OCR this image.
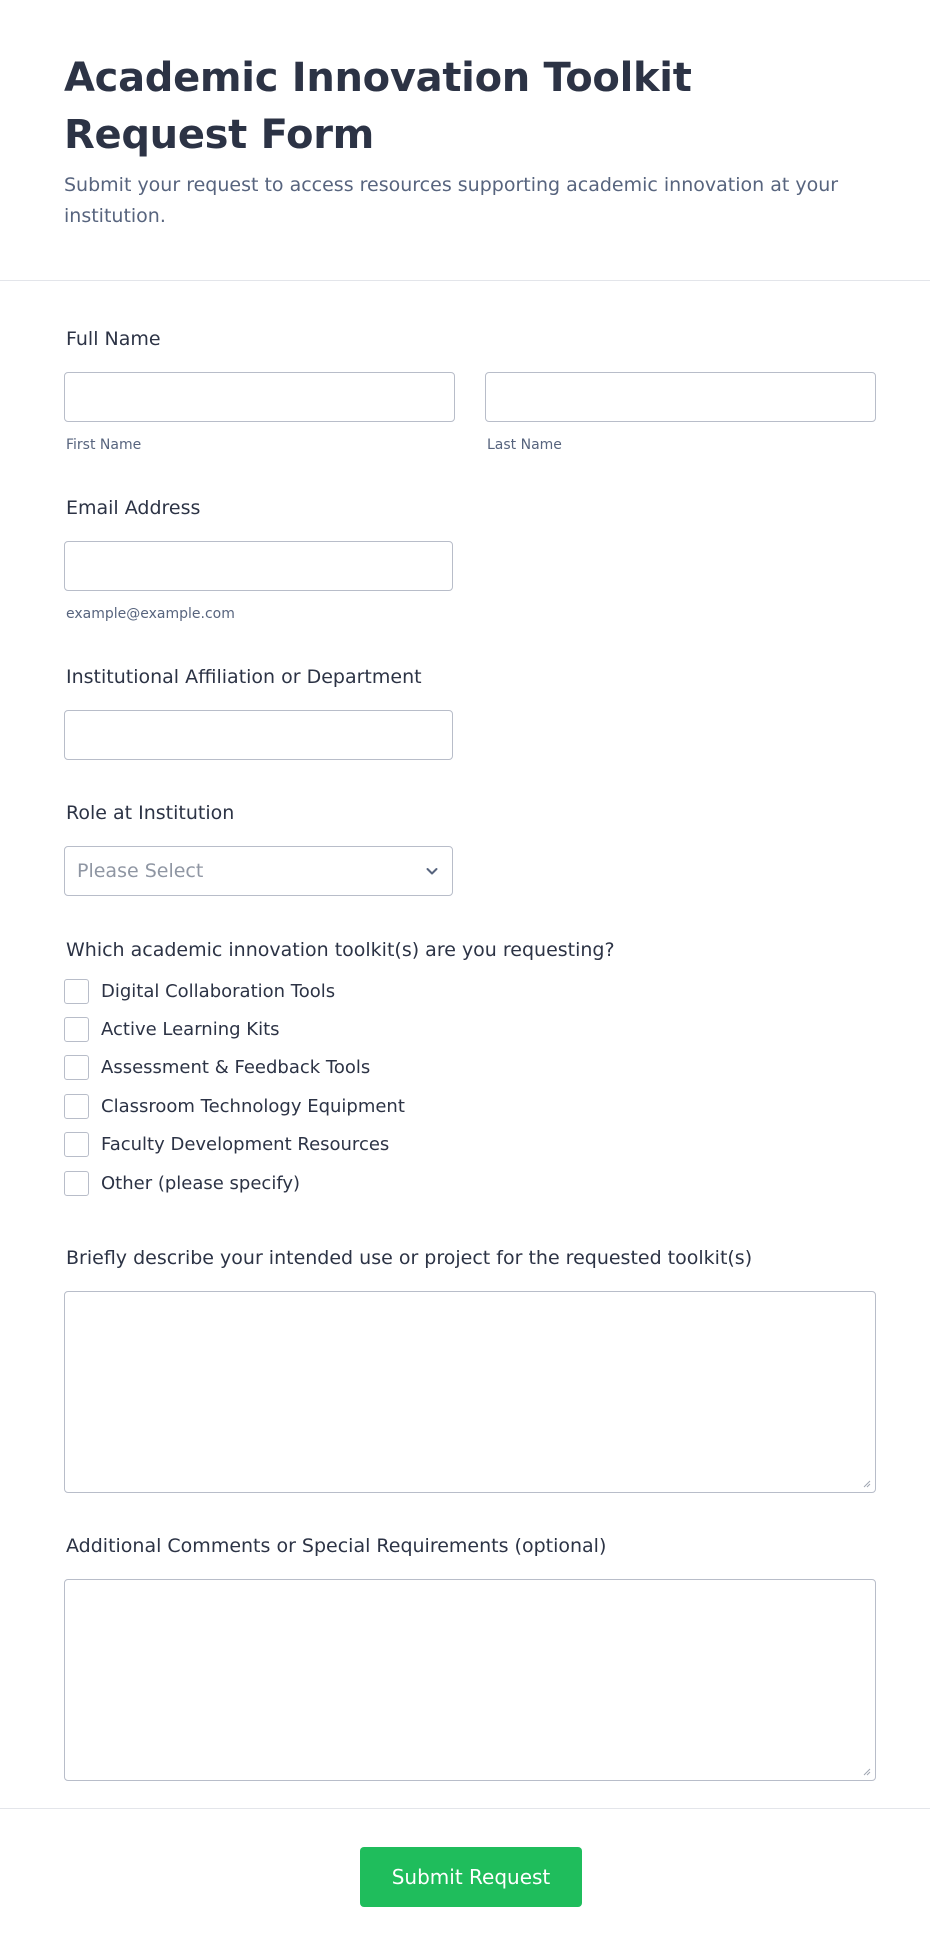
Academic Innovation Toolkit Request Form

Submit your request to access resources supporting academic innovation at your institution.

Full Name
First Name	Last Name
Email Address
example@example.com
Institutional Affiliation or Department
Role at Institution
Please Select
Which academic innovation toolkit(s) are you requesting?
Digital Collaboration Tools
Active Learning Kits
Assessment & Feedback Tools
Classroom Technology Equipment
Faculty Development Resources
Other (please specify)
Briefly describe your intended use or project for the requested toolkit(s)
Additional Comments or Special Requirements (optional)
Submit Request
